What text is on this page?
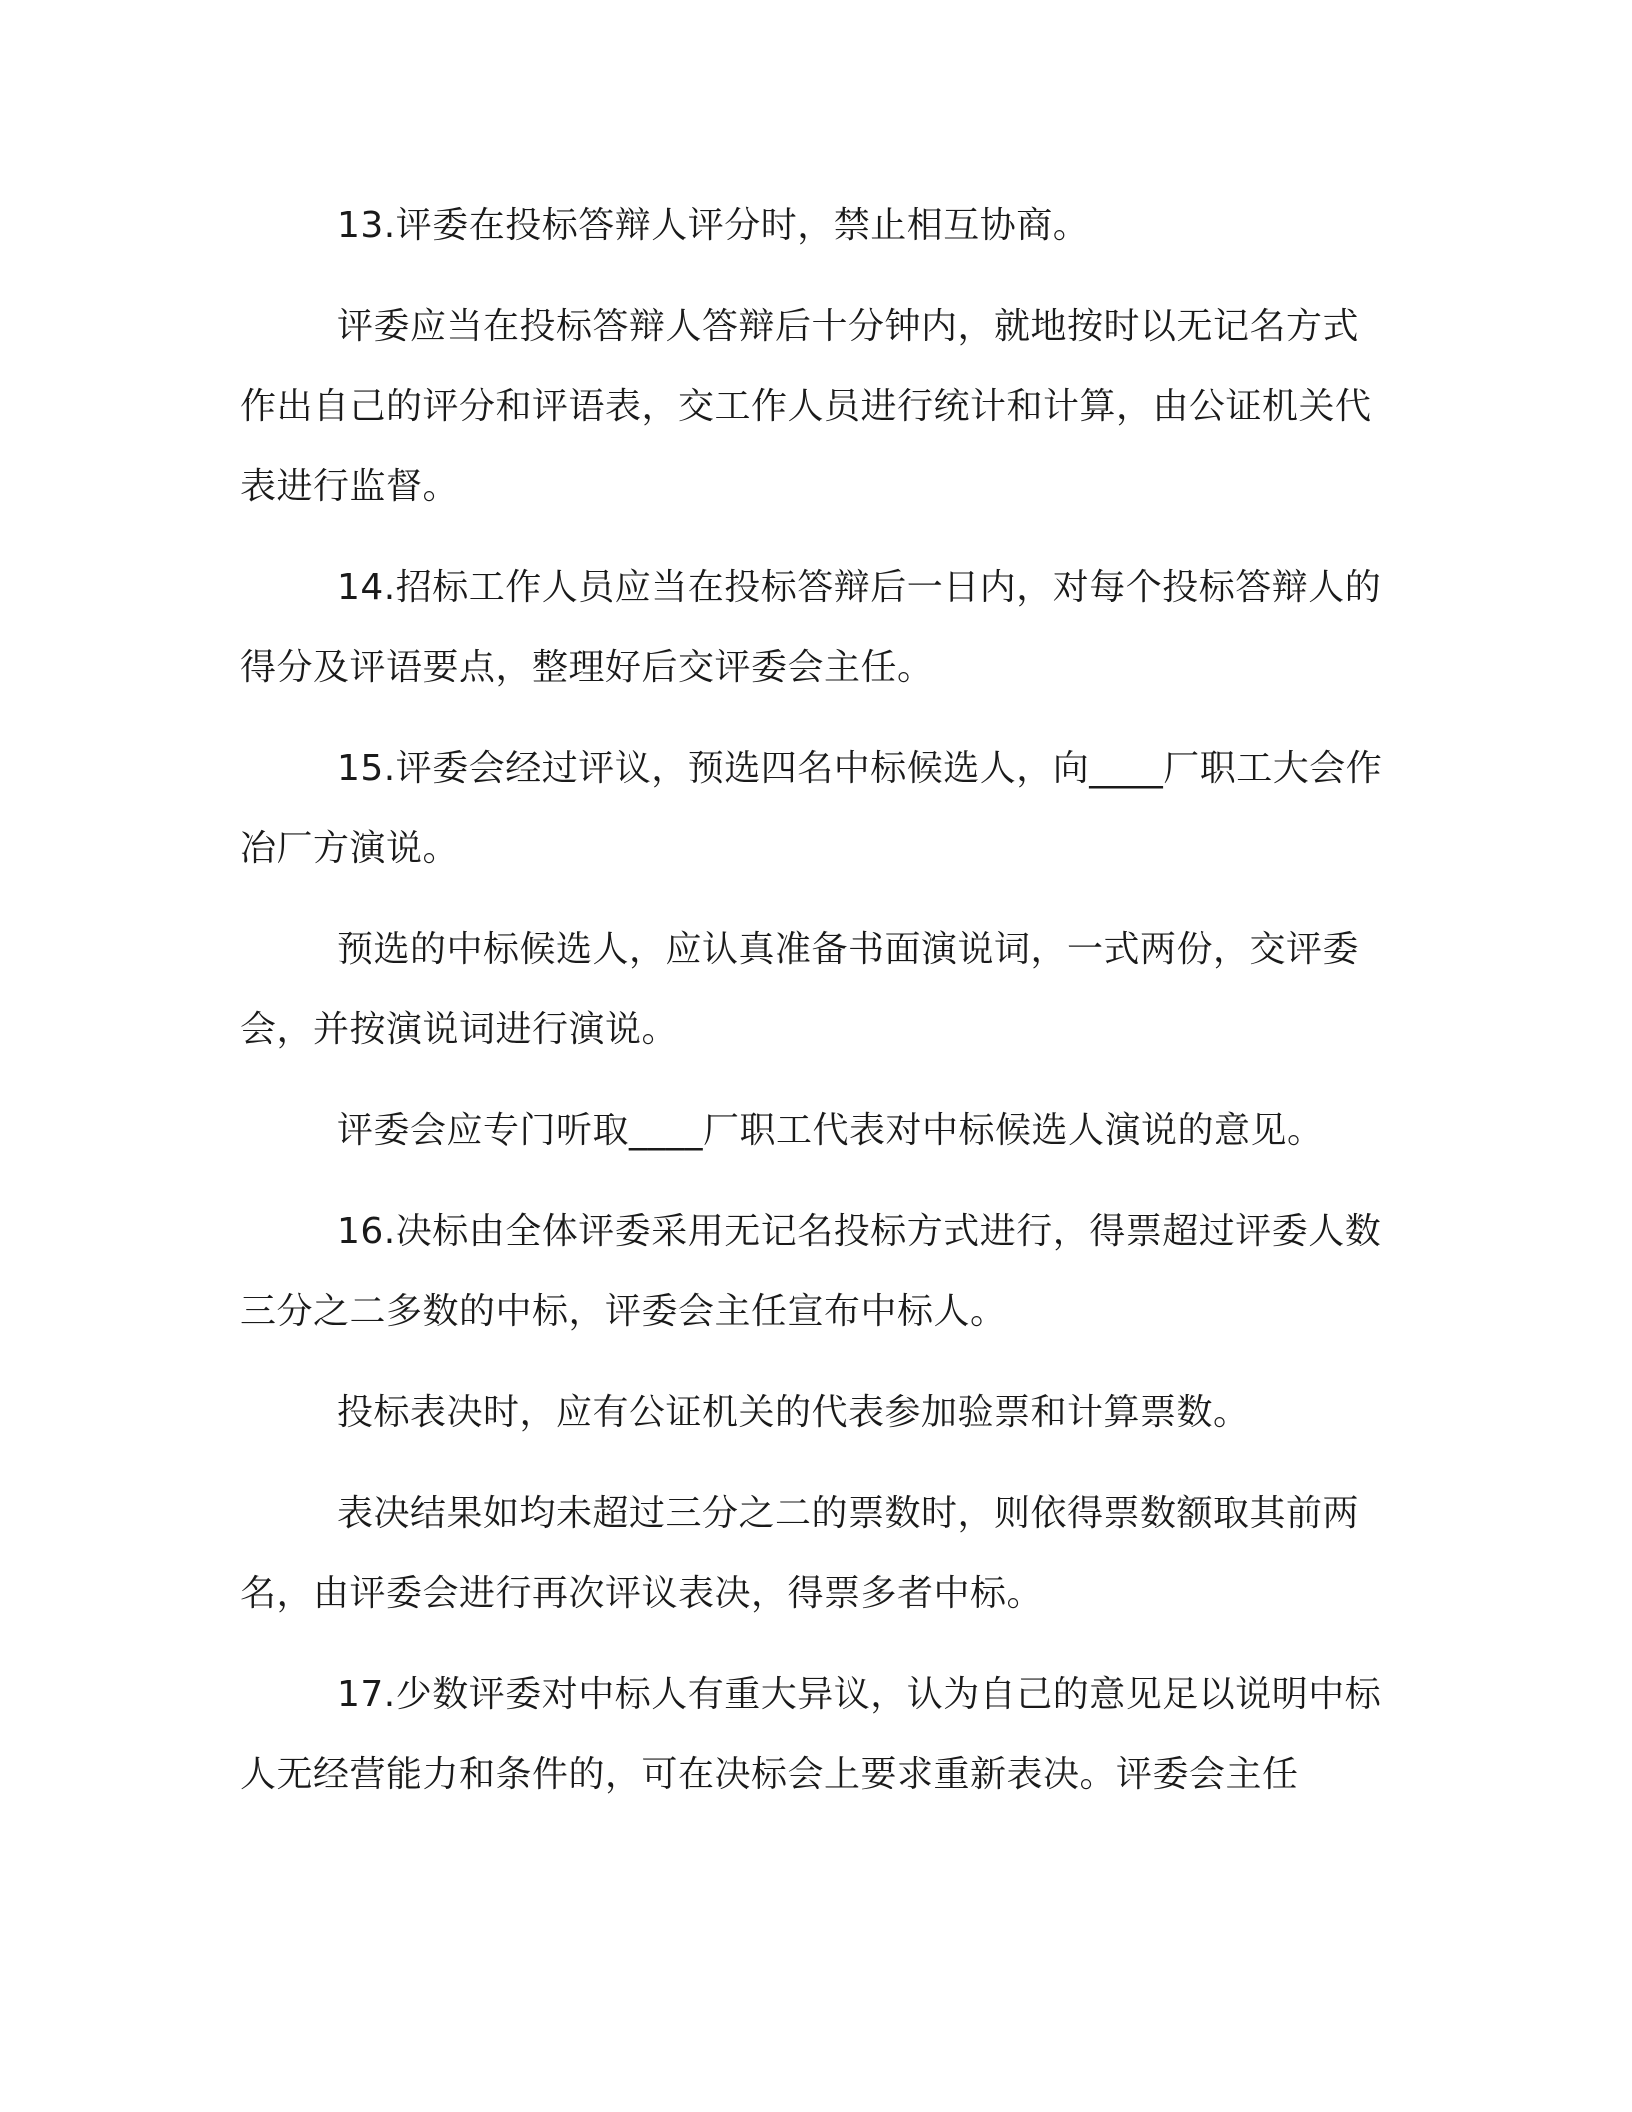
13.评委在投标答辩人评分时，禁止相互协商。

评委应当在投标答辩人答辩后十分钟内，就地按时以无记名方式作出自己的评分和评语表，交工作人员进行统计和计算，由公证机关代表进行监督。

14.招标工作人员应当在投标答辩后一日内，对每个投标答辩人的得分及评语要点，整理好后交评委会主任。

15.评委会经过评议，预选四名中标候选人，向____厂职工大会作冶厂方演说。

预选的中标候选人，应认真准备书面演说词，一式两份，交评委会，并按演说词进行演说。

评委会应专门听取____厂职工代表对中标候选人演说的意见。

16.决标由全体评委采用无记名投标方式进行，得票超过评委人数三分之二多数的中标，评委会主任宣布中标人。

投标表决时，应有公证机关的代表参加验票和计算票数。

表决结果如均未超过三分之二的票数时，则依得票数额取其前两名，由评委会进行再次评议表决，得票多者中标。

17.少数评委对中标人有重大异议，认为自己的意见足以说明中标人无经营能力和条件的，可在决标会上要求重新表决。评委会主任
